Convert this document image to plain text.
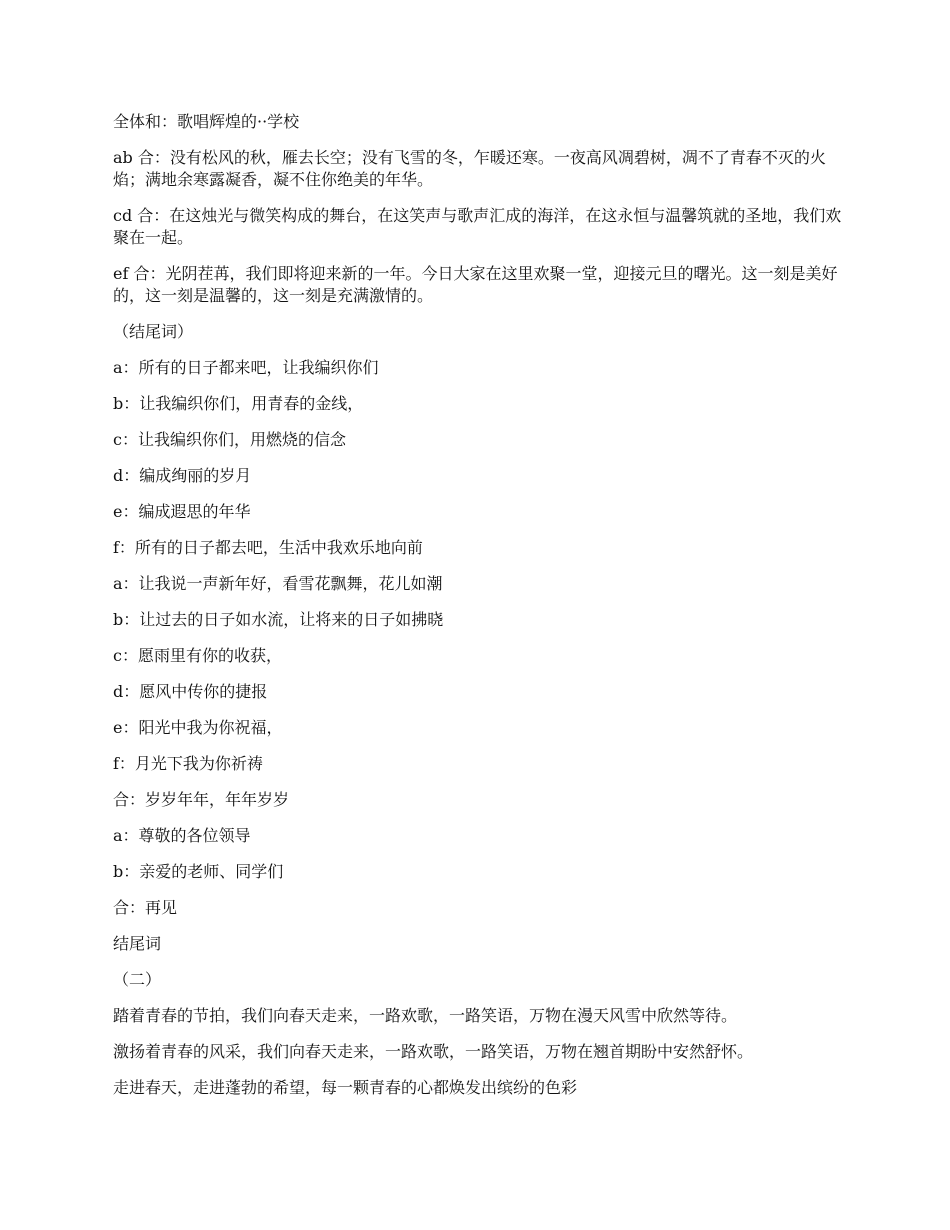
全体和：歌唱辉煌的··学校

ab 合：没有松风的秋，雁去长空；没有飞雪的冬，乍暖还寒。一夜高风凋碧树，凋不了青春不灭的火焰；满地余寒露凝香，凝不住你绝美的年华。

cd 合：在这烛光与微笑构成的舞台，在这笑声与歌声汇成的海洋，在这永恒与温馨筑就的圣地，我们欢聚在一起。

ef 合：光阴茬苒，我们即将迎来新的一年。今日大家在这里欢聚一堂，迎接元旦的曙光。这一刻是美好的，这一刻是温馨的，这一刻是充满激情的。

（结尾词）

a：所有的日子都来吧，让我编织你们

b：让我编织你们，用青春的金线，

c：让我编织你们，用燃烧的信念

d：编成绚丽的岁月

e：编成遐思的年华

f：所有的日子都去吧，生活中我欢乐地向前

a：让我说一声新年好，看雪花飘舞，花儿如潮

b：让过去的日子如水流，让将来的日子如拂晓

c：愿雨里有你的收获，

d：愿风中传你的捷报

e：阳光中我为你祝福，

f：月光下我为你祈祷

合：岁岁年年，年年岁岁

a：尊敬的各位领导

b：亲爱的老师、同学们

合：再见

结尾词

（二）

踏着青春的节拍，我们向春天走来，一路欢歌，一路笑语，万物在漫天风雪中欣然等待。

激扬着青春的风采，我们向春天走来，一路欢歌，一路笑语，万物在翘首期盼中安然舒怀。

走进春天，走进蓬勃的希望，每一颗青春的心都焕发出缤纷的色彩
